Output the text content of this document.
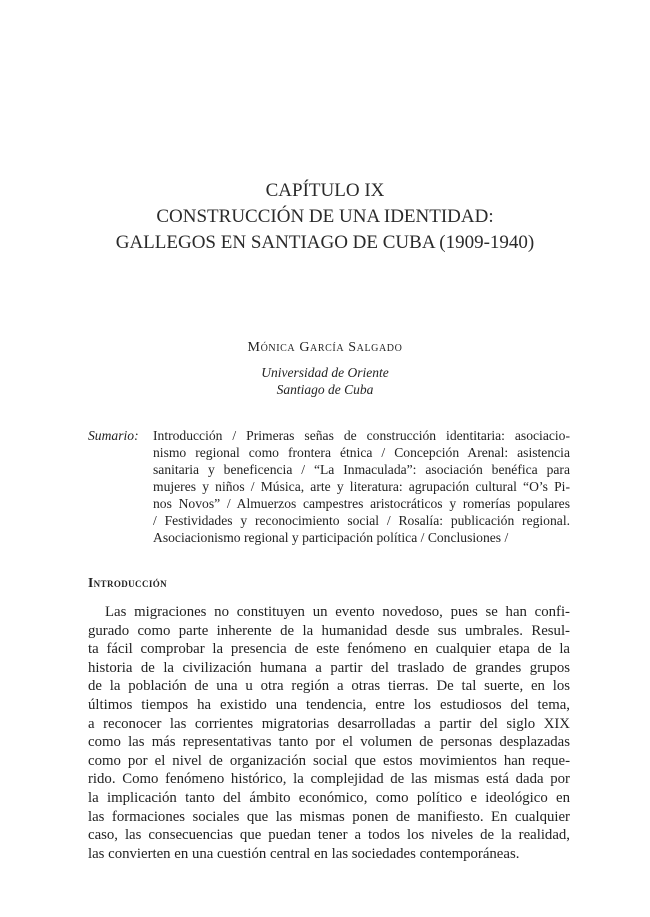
CAPÍTULO IX
CONSTRUCCIÓN DE UNA IDENTIDAD:
GALLEGOS EN SANTIAGO DE CUBA (1909-1940)
Mónica García Salgado
Universidad de Oriente
Santiago de Cuba
Sumario: Introducción / Primeras señas de construcción identitaria: asociacio-
nismo regional como frontera étnica / Concepción Arenal: asistencia
sanitaria y beneficencia / “La Inmaculada”: asociación benéfica para
mujeres y niños / Música, arte y literatura: agrupación cultural “O’s Pi-
nos Novos” / Almuerzos campestres aristocráticos y romerías populares
/ Festividades y reconocimiento social / Rosalía: publicación regional.
Asociacionismo regional y participación política / Conclusiones /
Introducción
Las migraciones no constituyen un evento novedoso, pues se han confi-
gurado como parte inherente de la humanidad desde sus umbrales. Resul-
ta fácil comprobar la presencia de este fenómeno en cualquier etapa de la
historia de la civilización humana a partir del traslado de grandes grupos
de la población de una u otra región a otras tierras. De tal suerte, en los
últimos tiempos ha existido una tendencia, entre los estudiosos del tema,
a reconocer las corrientes migratorias desarrolladas a partir del siglo XIX
como las más representativas tanto por el volumen de personas desplazadas
como por el nivel de organización social que estos movimientos han reque-
rido. Como fenómeno histórico, la complejidad de las mismas está dada por
la implicación tanto del ámbito económico, como político e ideológico en
las formaciones sociales que las mismas ponen de manifiesto. En cualquier
caso, las consecuencias que puedan tener a todos los niveles de la realidad,
las convierten en una cuestión central en las sociedades contemporáneas.
